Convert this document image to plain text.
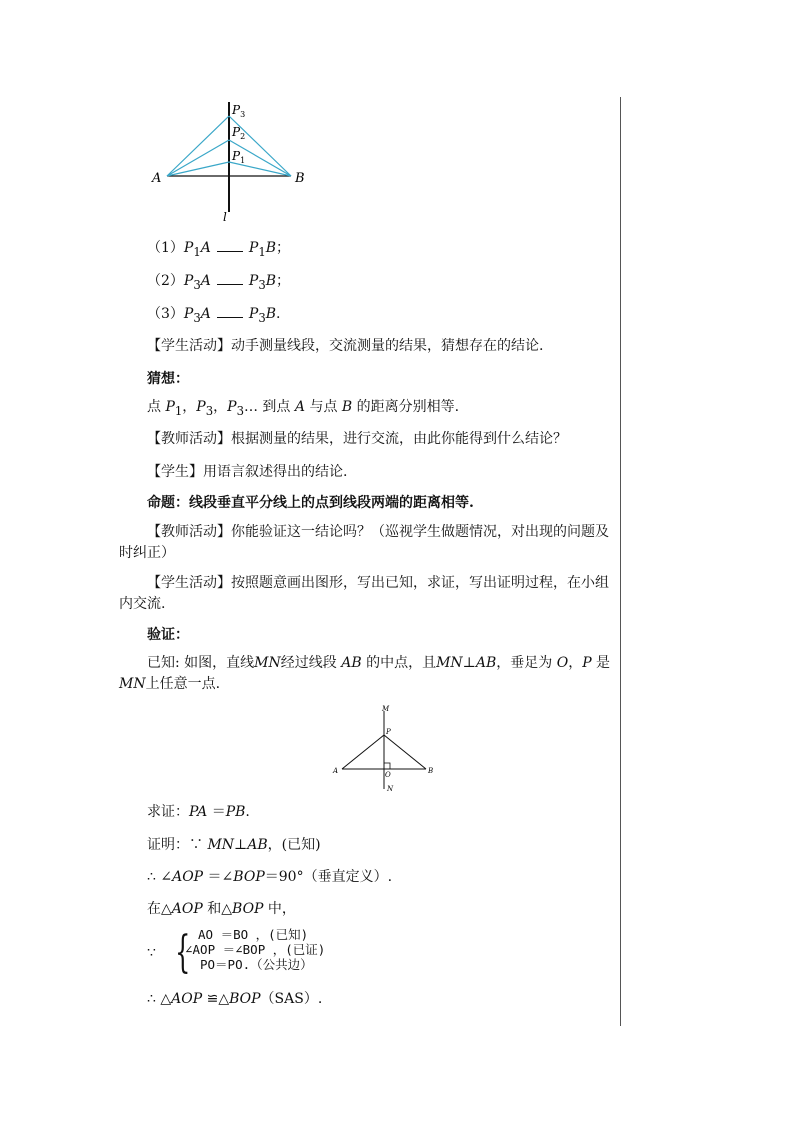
$P_3$
$P_2$
$P_1$
A	B
l
$(1)P_1A$	$P_1B$；
$(2)P_3A$	$P_3B$；
$(3)P_3A$	$P_3B$.
【学生活动】动手测量线段，交流测量的结果，猜想存在的结论.
猜想：
点 $P_1$，$P_3$，$P_3\dots$ 到点 A 与点 B 的距离分别相等.
【教师活动】根据测量的结果，进行交流，由此你能得到什么结论？
【学生】用语言叙述得出的结论.
命题：线段垂直平分线上的点到线段两端的距离相等.
【教师活动】你能验证这一结论吗？（巡视学生做题情况，对出现的问题及时纠正）
【学生活动】按照题意画出图形，写出已知，求证，写出证明过程，在小组内交流.
验证：
已知: 如图，直线MN经过线段 AB 的中点，且MN⊥AB，垂足为 O，P 是 MN上任意一点.
M
P
A	O	B
N
求证：PA ＝PB.
证明：∵ MN⊥AB，(已知)
∴ ∠AOP ＝∠BOP＝90°（垂直定义）.
在△AOP 和△BOP 中，
∵ { AO ＝BO ，(已知)
∠AOP ＝∠BOP ，(已证)
PO＝PO.（公共边）
∴ △AOP ≌△BOP（SAS）.
